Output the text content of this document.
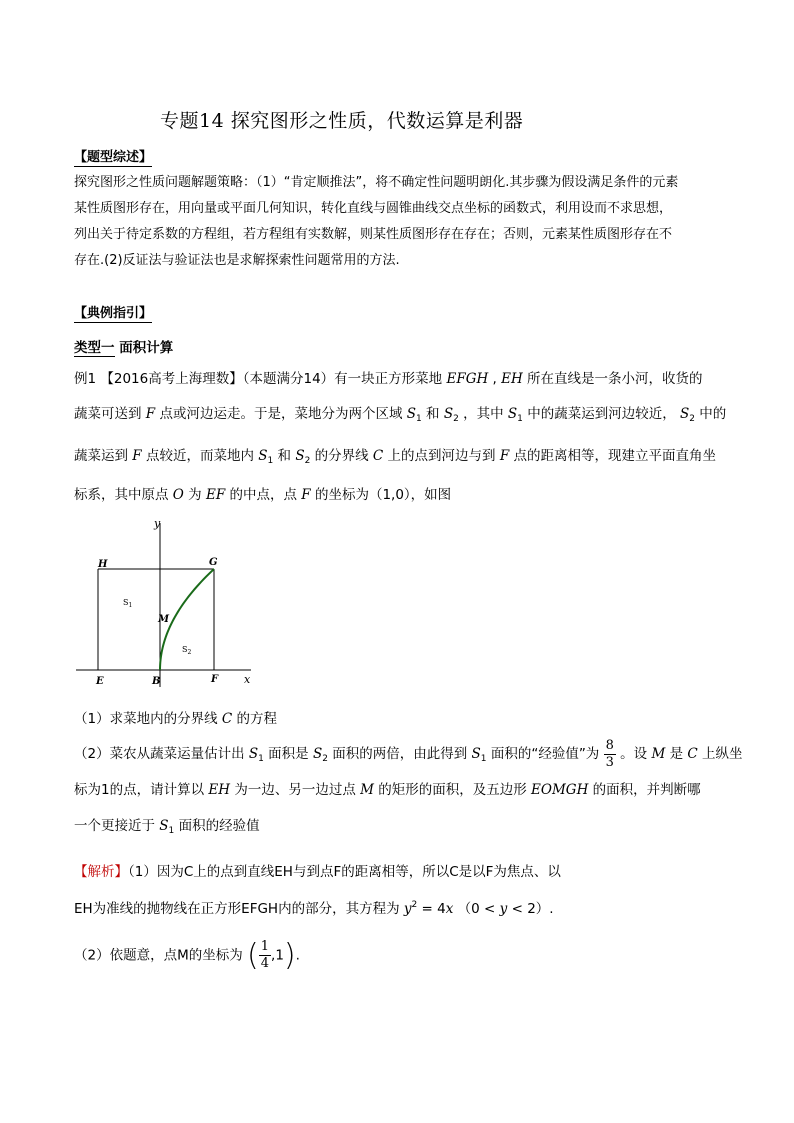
专题14 探究图形之性质，代数运算是利器
【题型综述】
探究图形之性质问题解题策略：（1）“肯定顺推法”，将不确定性问题明朗化.其步骤为假设满足条件的元素
某性质图形存在，用向量或平面几何知识，转化直线与圆锥曲线交点坐标的函数式，利用设而不求思想，
列出关于待定系数的方程组，若方程组有实数解，则某性质图形存在存在；否则，元素某性质图形存在不
存在.(2)反证法与验证法也是求解探索性问题常用的方法.
【典例指引】
类型一 面积计算
例1 【2016高考上海理数】（本题满分14）有一块正方形菜地 EFGH , EH 所在直线是一条小河，收货的
蔬菜可送到 F 点或河边运走。于是，菜地分为两个区域 $S_1$ 和 $S_2$ ，其中 $S_1$ 中的蔬菜运到河边较近， $S_2$ 中的
蔬菜运到 F 点较近，而菜地内 $S_1$ 和 $S_2$ 的分界线 C 上的点到河边与到 F 点的距离相等，现建立平面直角坐
标系，其中原点 O 为 EF 的中点，点 F 的坐标为（1,0），如图
y
x
H	G
E	B	F
M
$S_1$
$S_2$
（1）求菜地内的分界线 C 的方程
（2）菜农从蔬菜运量估计出 $S_1$ 面积是 $S_2$ 面积的两倍，由此得到 $S_1$ 面积的“经验值”为 $\frac{8}{3}$ 。设 M 是 C 上纵坐
标为1的点，请计算以 EH 为一边、另一边过点 M 的矩形的面积，及五边形 EOMGH 的面积，并判断哪
一个更接近于 $S_1$ 面积的经验值
【解析】（1）因为C上的点到直线EH与到点F的距离相等，所以C是以F为焦点、以
EH为准线的抛物线在正方形EFGH内的部分，其方程为 $y^2 = 4x$ （0 < y < 2）.
（2）依题意，点M的坐标为 ( $\frac{1}{4} ,1$).
